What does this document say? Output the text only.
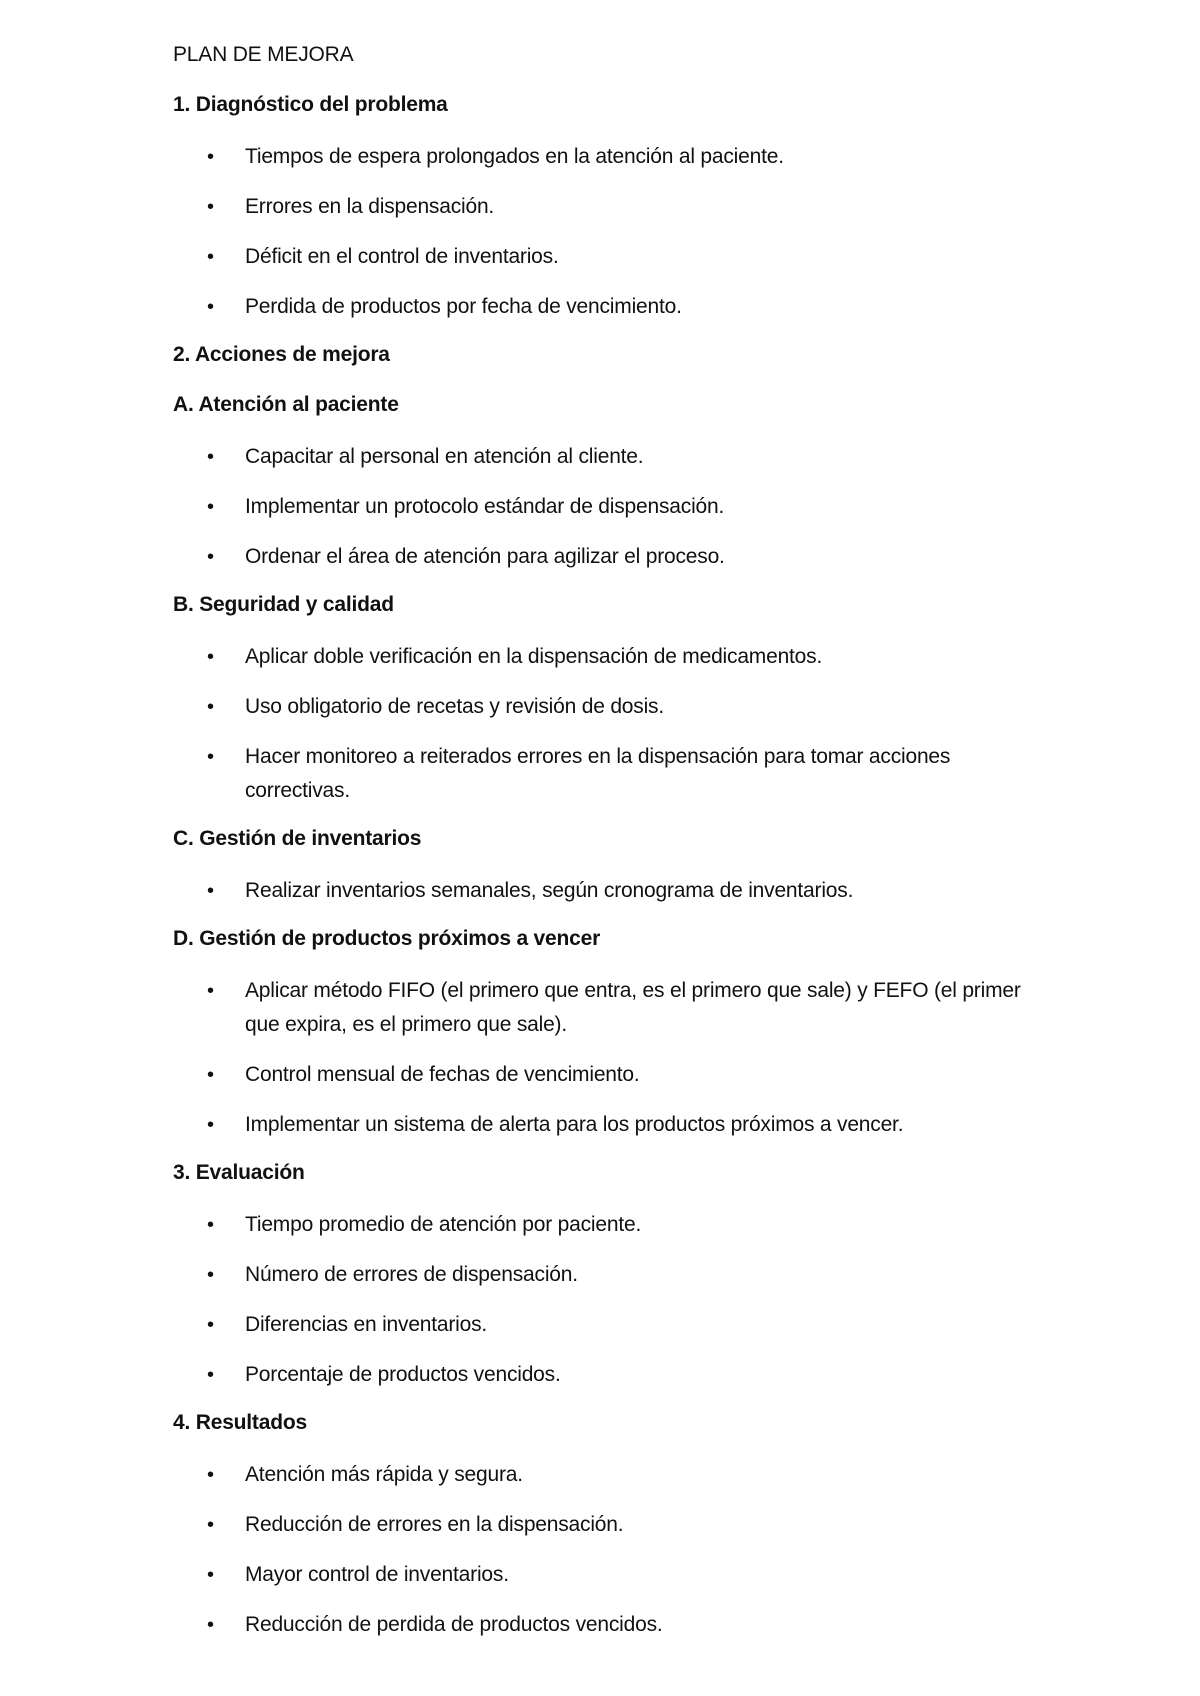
PLAN DE MEJORA
1. Diagnóstico del problema
• Tiempos de espera prolongados en la atención al paciente.
• Errores en la dispensación.
• Déficit en el control de inventarios.
• Perdida de productos por fecha de vencimiento.
2. Acciones de mejora
A. Atención al paciente
• Capacitar al personal en atención al cliente.
• Implementar un protocolo estándar de dispensación.
• Ordenar el área de atención para agilizar el proceso.
B. Seguridad y calidad
• Aplicar doble verificación en la dispensación de medicamentos.
• Uso obligatorio de recetas y revisión de dosis.
• Hacer monitoreo a reiterados errores en la dispensación para tomar acciones correctivas.
C. Gestión de inventarios
• Realizar inventarios semanales, según cronograma de inventarios.
D. Gestión de productos próximos a vencer
• Aplicar método FIFO (el primero que entra, es el primero que sale) y FEFO (el primer que expira, es el primero que sale).
• Control mensual de fechas de vencimiento.
• Implementar un sistema de alerta para los productos próximos a vencer.
3. Evaluación
• Tiempo promedio de atención por paciente.
• Número de errores de dispensación.
• Diferencias en inventarios.
• Porcentaje de productos vencidos.
4. Resultados
• Atención más rápida y segura.
• Reducción de errores en la dispensación.
• Mayor control de inventarios.
• Reducción de perdida de productos vencidos.
